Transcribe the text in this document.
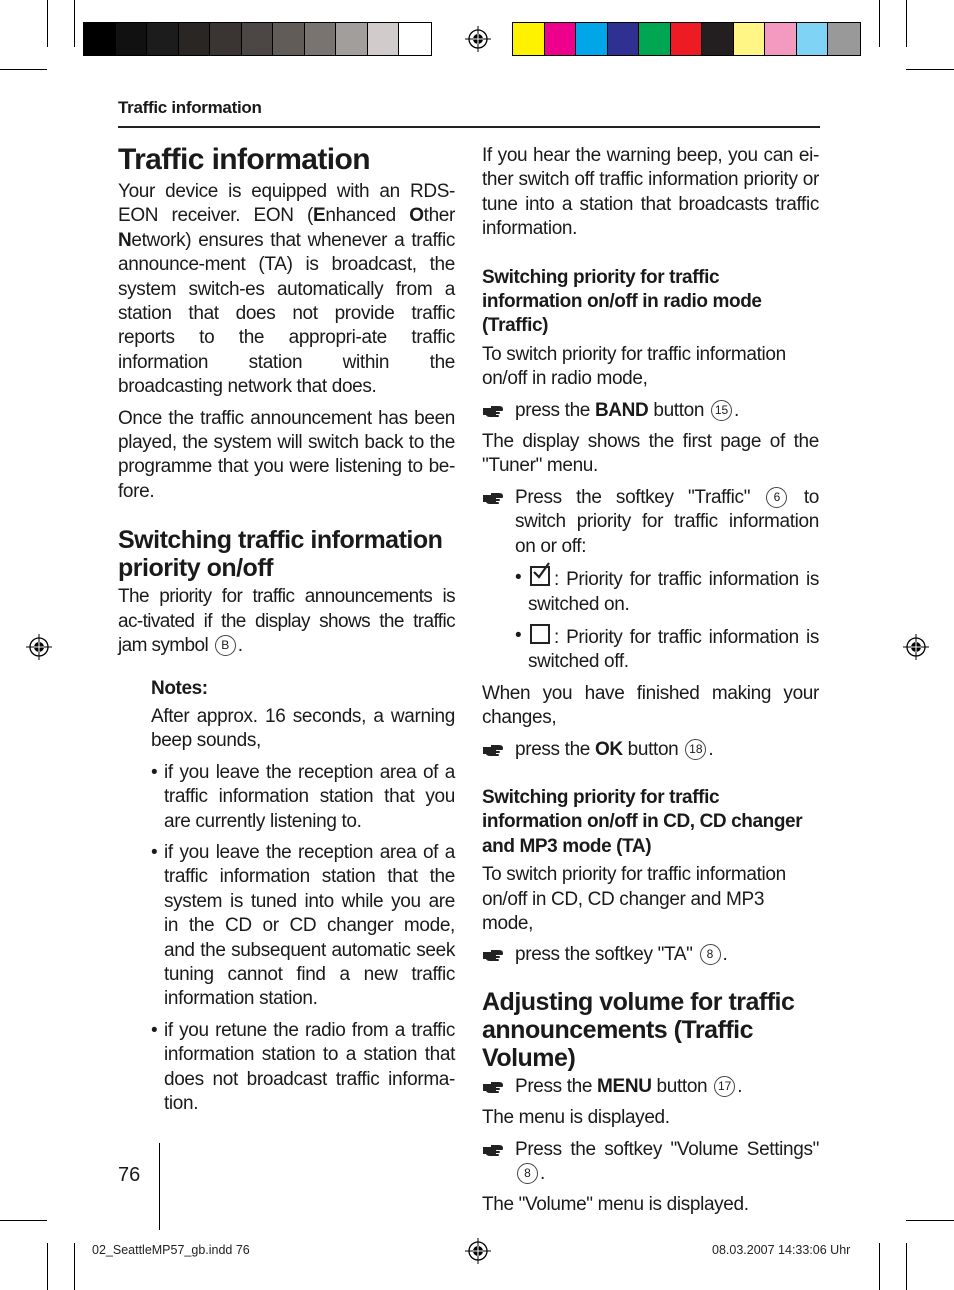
Traffic information
Traffic information

Your device is equipped with an RDS-EON receiver. EON (Enhanced Other Network) ensures that whenever a traffic announce-ment (TA) is broadcast, the system switch-es automatically from a station that does not provide traffic reports to the appropri-ate traffic information station within the broadcasting network that does.

Once the traffic announcement has been played, the system will switch back to the programme that you were listening to be-fore.

Switching traffic information priority on/off

The priority for traffic announcements is ac-tivated if the display shows the traffic jam symbol B .

Notes:

After approx. 16 seconds, a warning beep sounds,

• if you leave the reception area of a traffic information station that you are currently listening to.
• if you leave the reception area of a traffic information station that the system is tuned into while you are in the CD or CD changer mode, and the subsequent automatic seek tuning cannot find a new traffic information station.
• if you retune the radio from a traffic information station to a station that does not broadcast traffic informa-tion.

If you hear the warning beep, you can ei-ther switch off traffic information priority or tune into a station that broadcasts traffic information.

Switching priority for traffic information on/off in radio mode (Traffic)

To switch priority for traffic information on/off in radio mode,

press the BAND button 15 .

The display shows the first page of the "Tuner" menu.

Press the softkey "Traffic" 6 to switch priority for traffic information on or off:
• : Priority for traffic information is switched on.
• : Priority for traffic information is switched off.

When you have finished making your changes,

press the OK button 18 .
Switching priority for traffic information on/off in CD, CD changer and MP3 mode (TA)

To switch priority for traffic information on/off in CD, CD changer and MP3 mode,

press the softkey "TA" 8 .
Adjusting volume for traffic announcements (Traffic Volume)
Press the MENU button 17 .

The menu is displayed.

Press the softkey "Volume Settings" 8 .

The "Volume" menu is displayed.

76
02_SeattleMP57_gb.indd 76	08.03.2007 14:33:06 Uhr
